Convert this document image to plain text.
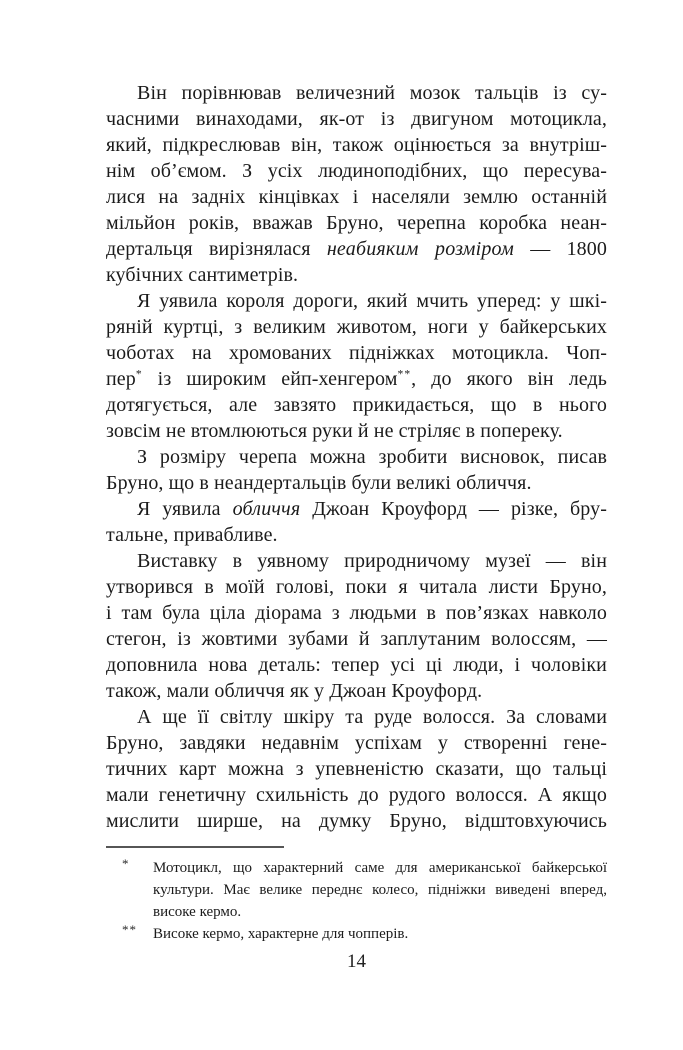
Він порівнював величезний мозок тальців із су-
часними винаходами, як-от із двигуном мотоцикла,
який, підкреслював він, також оцінюється за внутріш-
нім об’ємом. З усіх людиноподібних, що пересува-
лися на задніх кінцівках і населяли землю останній
мільйон років, вважав Бруно, черепна коробка неан-
дертальця вирізнялася неабияким розміром — 1800
кубічних сантиметрів.
Я уявила короля дороги, який мчить уперед: у шкі-
ряній куртці, з великим животом, ноги у байкерських
чоботах на хромованих підніжках мотоцикла. Чоп-
пер* із широким ейп-хенгером**, до якого він ледь
дотягується, але завзято прикидається, що в нього
зовсім не втомлюються руки й не стріляє в попереку.
З розміру черепа можна зробити висновок, писав
Бруно, що в неандертальців були великі обличчя.
Я уявила обличчя Джоан Кроуфорд — різке, бру-
тальне, привабливе.
Виставку в уявному природничому музеї — він
утворився в моїй голові, поки я читала листи Бруно,
і там була ціла діорама з людьми в пов’язках навколо
стегон, із жовтими зубами й заплутаним волоссям, —
доповнила нова деталь: тепер усі ці люди, і чоловіки
також, мали обличчя як у Джоан Кроуфорд.
А ще її світлу шкіру та руде волосся. За словами
Бруно, завдяки недавнім успіхам у створенні гене-
тичних карт можна з упевненістю сказати, що тальці
мали генетичну схильність до рудого волосся. А якщо
мислити ширше, на думку Бруно, відштовхуючись
* Мотоцикл, що характерний саме для американської байкерської
культури. Має велике переднє колесо, підніжки виведені вперед,
високе кермо.
** Високе кермо, характерне для чопперів.
14
